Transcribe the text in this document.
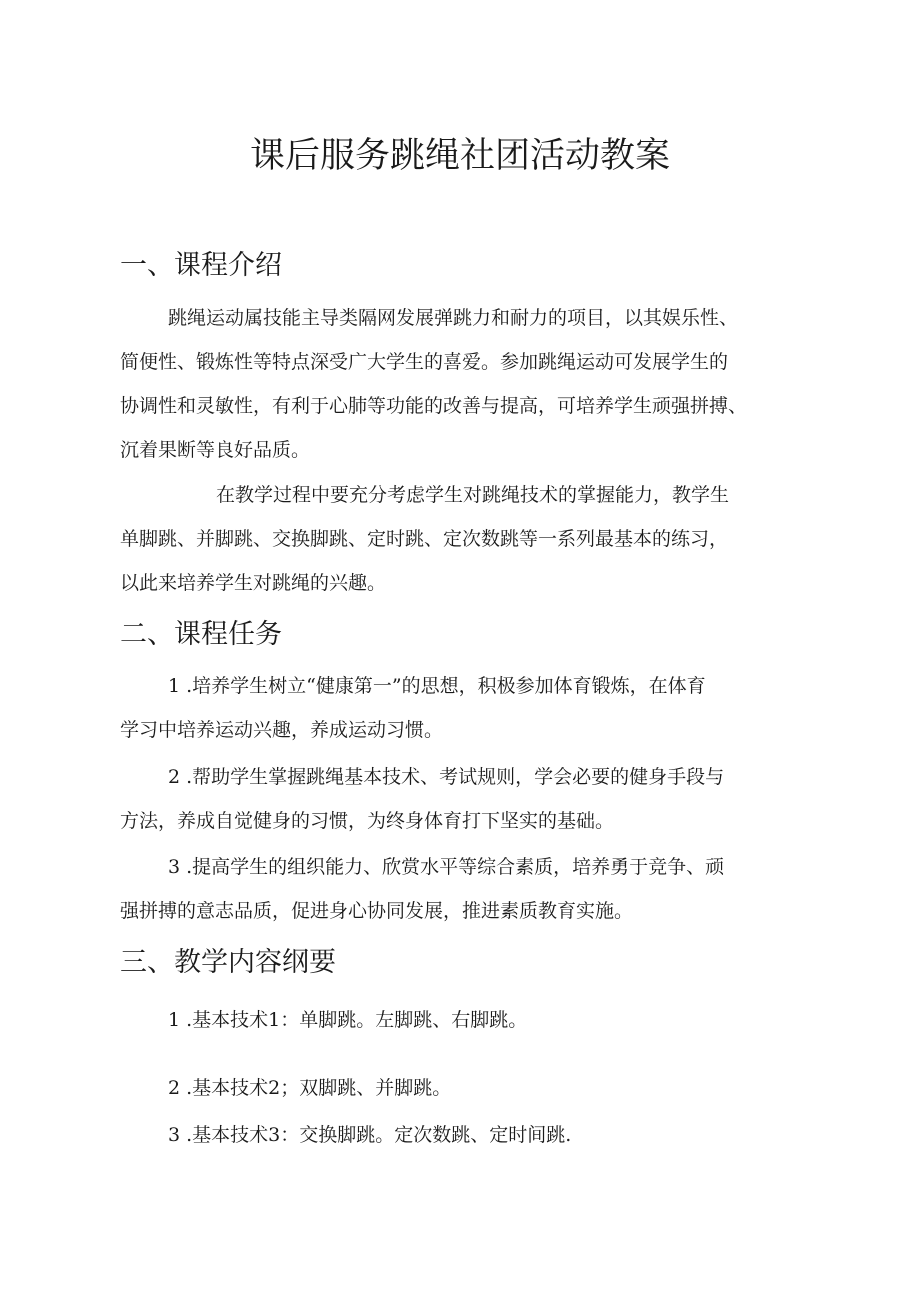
课后服务跳绳社团活动教案
一、课程介绍

跳绳运动属技能主导类隔网发展弹跳力和耐力的项目，以其娱乐性、
简便性、锻炼性等特点深受广大学生的喜爱。参加跳绳运动可发展学生的
协调性和灵敏性，有利于心肺等功能的改善与提高，可培养学生顽强拼搏、
沉着果断等良好品质。

在教学过程中要充分考虑学生对跳绳技术的掌握能力，教学生
单脚跳、并脚跳、交换脚跳、定时跳、定次数跳等一系列最基本的练习，
以此来培养学生对跳绳的兴趣。

二、课程任务

1 .培养学生树立“健康第一”的思想，积极参加体育锻炼，在体育
学习中培养运动兴趣，养成运动习惯。

2 .帮助学生掌握跳绳基本技术、考试规则，学会必要的健身手段与
方法，养成自觉健身的习惯，为终身体育打下坚实的基础。

3 .提高学生的组织能力、欣赏水平等综合素质，培养勇于竞争、顽
强拼搏的意志品质，促进身心协同发展，推进素质教育实施。

三、教学内容纲要

1 .基本技术1：单脚跳。左脚跳、右脚跳。

2 .基本技术2；双脚跳、并脚跳。

3 .基本技术3：交换脚跳。定次数跳、定时间跳.
